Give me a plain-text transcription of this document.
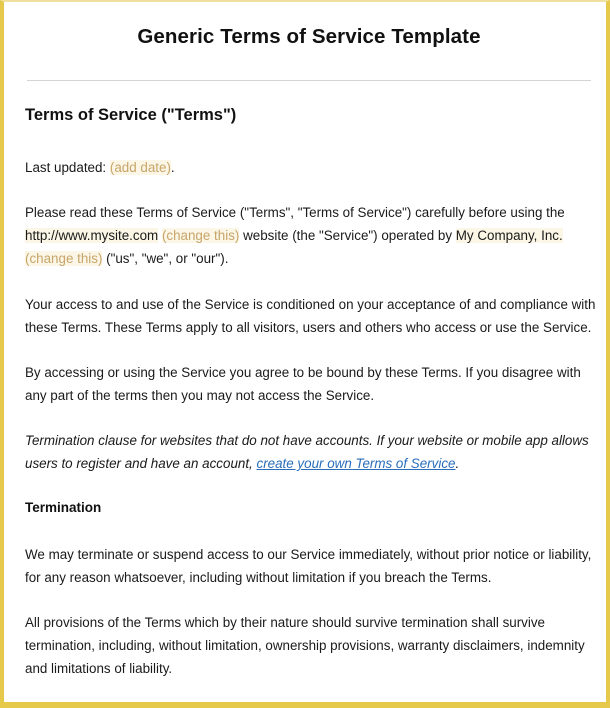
Generic Terms of Service Template
Terms of Service ("Terms")

Last updated: (add date).

Please read these Terms of Service ("Terms", "Terms of Service") carefully before using the http://www.mysite.com (change this) website (the "Service") operated by My Company, Inc. (change this) ("us", "we", or "our").

Your access to and use of the Service is conditioned on your acceptance of and compliance with these Terms. These Terms apply to all visitors, users and others who access or use the Service.

By accessing or using the Service you agree to be bound by these Terms. If you disagree with any part of the terms then you may not access the Service.

Termination clause for websites that do not have accounts. If your website or mobile app allows users to register and have an account, create your own Terms of Service.

Termination

We may terminate or suspend access to our Service immediately, without prior notice or liability, for any reason whatsoever, including without limitation if you breach the Terms.

All provisions of the Terms which by their nature should survive termination shall survive termination, including, without limitation, ownership provisions, warranty disclaimers, indemnity and limitations of liability.
